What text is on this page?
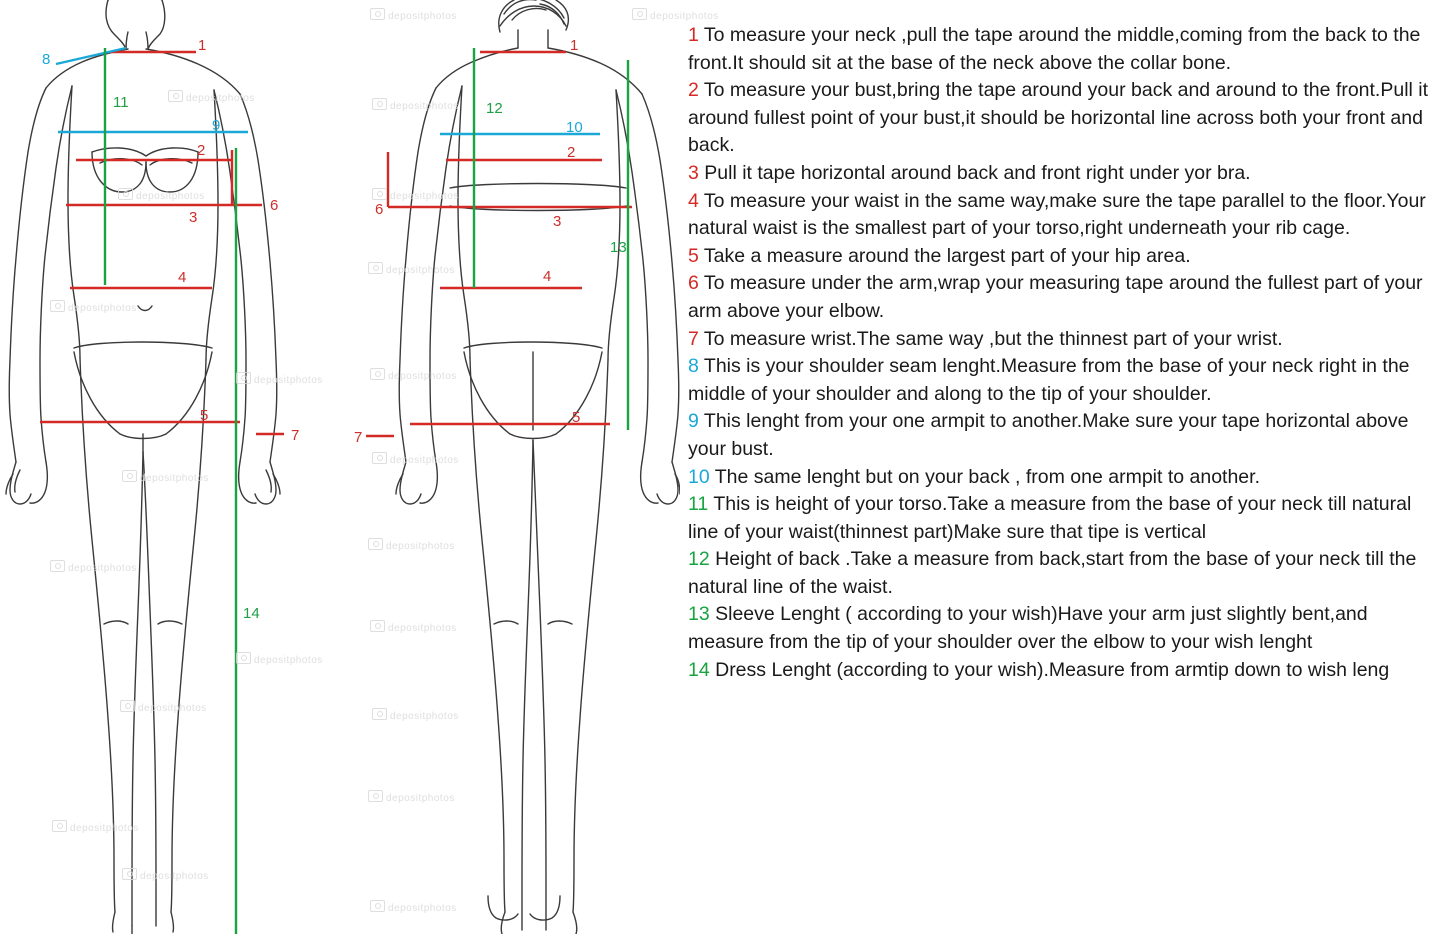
1
8
11
9
2
3
6
4
5
7
14
1
12
10
2
6
3
13
4
5
7
depositphotos	depositphotos
depositphotos
depositphotos
depositphotos	depositphotos
depositphotos
depositphotos
depositphotos
depositphotos
depositphotos
depositphotos
depositphotos
depositphotos
depositphotos
depositphotos
depositphotos
depositphotos
depositphotos
depositphotos
depositphotos
depositphotos

1 To measure your neck ,pull the tape around the middle,coming from the back to the front.It should sit at the base of the neck above the collar bone.

2 To measure your bust,bring the tape around your back and around to the front.Pull it around fullest point of your bust,it should be horizontal line across both your front and back.

3 Pull it tape horizontal around back and front right under yor bra.

4 To measure your waist in the same way,make sure the tape parallel to the floor.Your natural waist is the smallest part of your torso,right underneath your rib cage.

5 Take a measure around the largest part of your hip area.

6 To measure under the arm,wrap your measuring tape around the fullest part of your arm above your elbow.

7 To measure wrist.The same way ,but the thinnest part of your wrist.

8 This is your shoulder seam lenght.Measure from the base of your neck right in the middle of your shoulder and along to the tip of your shoulder.

9 This lenght from your one armpit to another.Make sure your tape horizontal above your bust.

10 The same lenght but on your back , from one armpit to another.

11 This is height of your torso.Take a measure from the base of your neck till natural line of your waist(thinnest part)Make sure that tipe is vertical

12 Height of back .Take a measure from back,start from the base of your neck till the natural line of the waist.

13 Sleeve Lenght ( according to your wish)Have your arm just slightly bent,and measure from the tip of your shoulder over the elbow to your wish lenght

14 Dress Lenght (according to your wish).Measure from armtip down to wish leng
